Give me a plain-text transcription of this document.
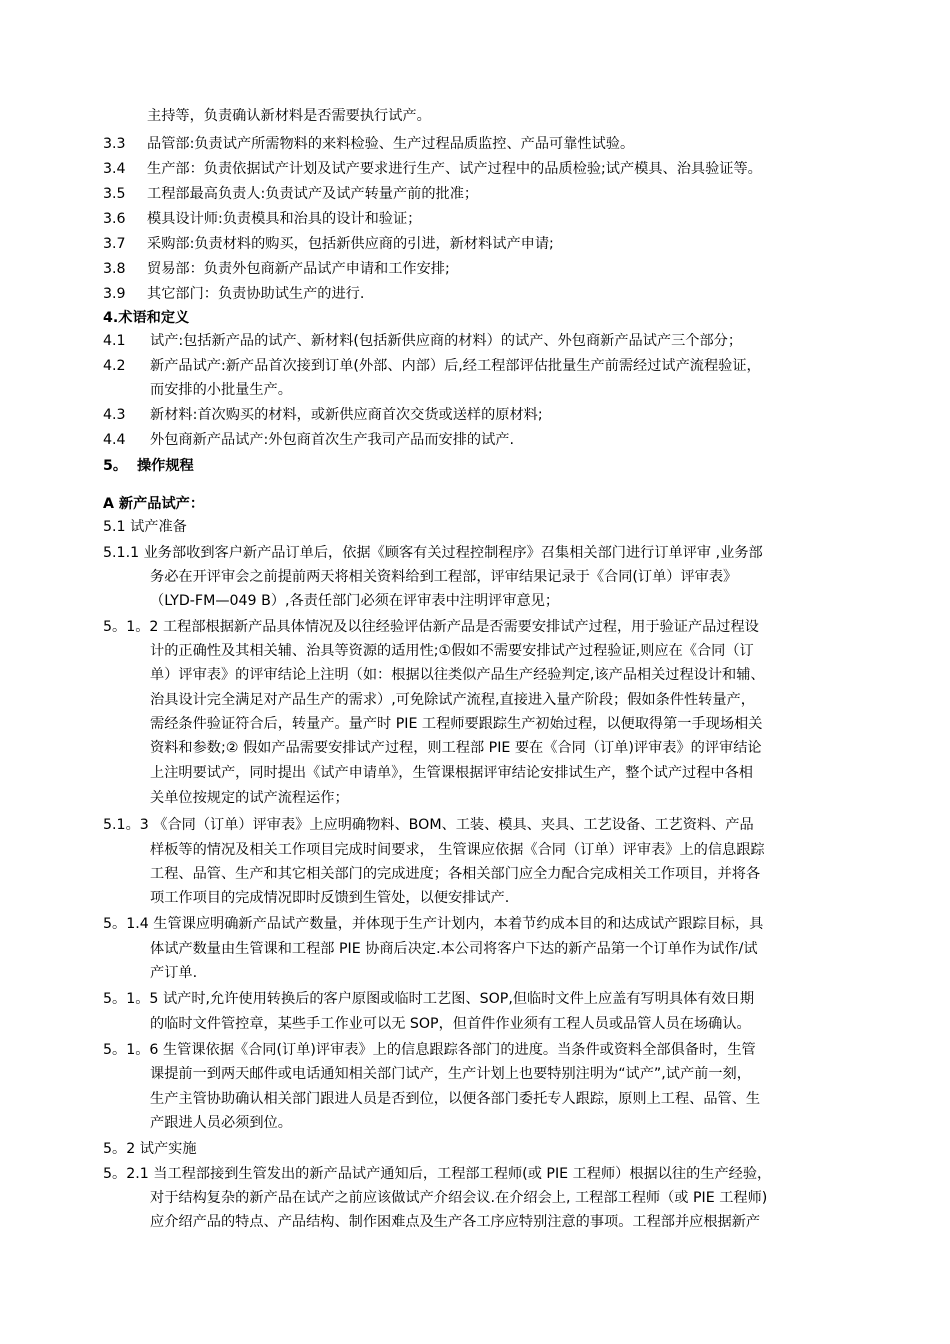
主持等，负责确认新材料是否需要执行试产。
3.3 品管部:负责试产所需物料的来料检验、生产过程品质监控、产品可靠性试验。
3.4 生产部：负责依据试产计划及试产要求进行生产、试产过程中的品质检验;试产模具、治具验证等。
3.5 工程部最高负责人:负责试产及试产转量产前的批准；
3.6 模具设计师:负责模具和治具的设计和验证；
3.7 采购部:负责材料的购买，包括新供应商的引进，新材料试产申请;
3.8 贸易部：负责外包商新产品试产申请和工作安排;
3.9 其它部门：负责协助试生产的进行.
4.术语和定义
4.1 试产:包括新产品的试产、新材料(包括新供应商的材料）的试产、外包商新产品试产三个部分；
4.2 新产品试产:新产品首次接到订单(外部、内部）后,经工程部评估批量生产前需经过试产流程验证，
而安排的小批量生产。
4.3 新材料:首次购买的材料，或新供应商首次交货或送样的原材料;
4.4 外包商新产品试产:外包商首次生产我司产品而安排的试产.
5。  操作规程
A 新产品试产：
5.1 试产准备
5.1.1 业务部收到客户新产品订单后，依据《顾客有关过程控制程序》召集相关部门进行订单评审 ,业务部
务必在开评审会之前提前两天将相关资料给到工程部，评审结果记录于《合同(订单）评审表》
（LYD-FM—049 B）,各责任部门必须在评审表中注明评审意见；
5。1。2 工程部根据新产品具体情况及以往经验评估新产品是否需要安排试产过程，用于验证产品过程设
计的正确性及其相关辅、治具等资源的适用性;①假如不需要安排试产过程验证,则应在《合同（订
单）评审表》的评审结论上注明（如：根据以往类似产品生产经验判定,该产品相关过程设计和辅、
治具设计完全满足对产品生产的需求）,可免除试产流程,直接进入量产阶段；假如条件性转量产，
需经条件验证符合后，转量产。量产时 PIE 工程师要跟踪生产初始过程，以便取得第一手现场相关
资料和参数;② 假如产品需要安排试产过程，则工程部 PIE 要在《合同（订单)评审表》的评审结论
上注明要试产，同时提出《试产申请单》，生管课根据评审结论安排试生产，整个试产过程中各相
关单位按规定的试产流程运作；
5.1。3 《合同（订单）评审表》上应明确物料、BOM、工装、模具、夹具、工艺设备、工艺资料、产品
样板等的情况及相关工作项目完成时间要求， 生管课应依据《合同（订单）评审表》上的信息跟踪
工程、品管、生产和其它相关部门的完成进度；各相关部门应全力配合完成相关工作项目，并将各
项工作项目的完成情况即时反馈到生管处，以便安排试产.
5。1.4 生管课应明确新产品试产数量，并体现于生产计划内，本着节约成本目的和达成试产跟踪目标，具
体试产数量由生管课和工程部 PIE 协商后决定.本公司将客户下达的新产品第一个订单作为试作/试
产订单.
5。1。5 试产时,允许使用转换后的客户原图或临时工艺图、SOP,但临时文件上应盖有写明具体有效日期
的临时文件管控章，某些手工作业可以无 SOP，但首件作业须有工程人员或品管人员在场确认。
5。1。6 生管课依据《合同(订单)评审表》上的信息跟踪各部门的进度。当条件或资料全部俱备时，生管
课提前一到两天邮件或电话通知相关部门试产，生产计划上也要特别注明为“试产”,试产前一刻，
生产主管协助确认相关部门跟进人员是否到位，以便各部门委托专人跟踪，原则上工程、品管、生
产跟进人员必须到位。
5。2 试产实施
5。2.1 当工程部接到生管发出的新产品试产通知后，工程部工程师(或 PIE 工程师）根据以往的生产经验，
对于结构复杂的新产品在试产之前应该做试产介绍会议.在介绍会上, 工程部工程师（或 PIE 工程师)
应介绍产品的特点、产品结构、制作困难点及生产各工序应特别注意的事项。工程部并应根据新产
